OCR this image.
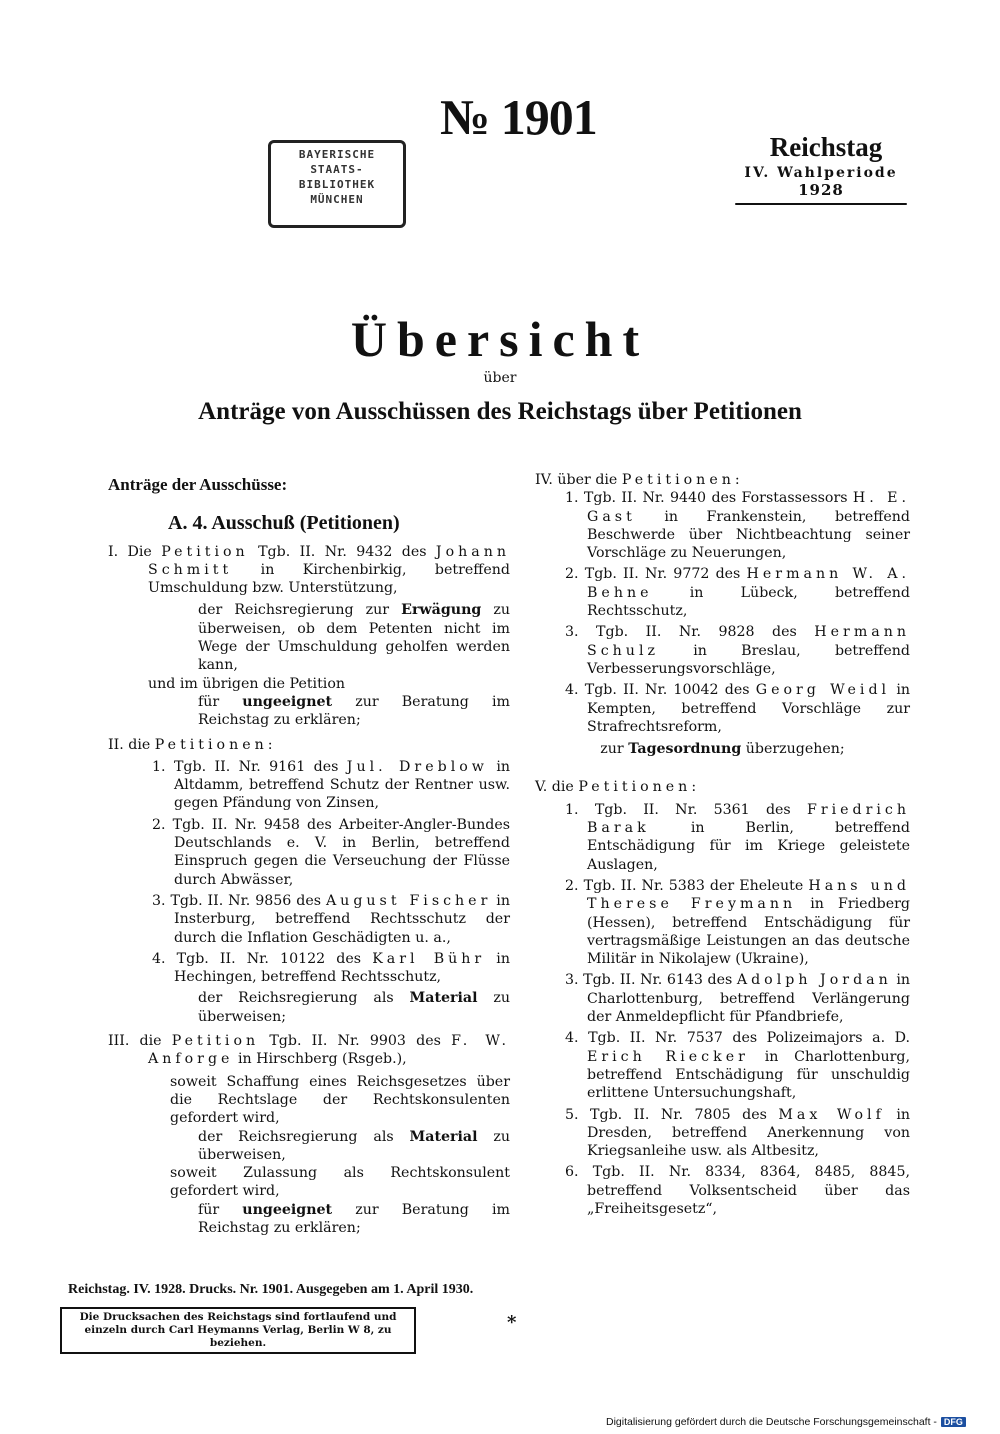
№ 1901
BAYERISCHE
STAATS-
BIBLIOTHEK
MÜNCHEN
Reichstag
IV. Wahlperiode
1928
Übersicht
über
Anträge von Ausschüssen des Reichstags über Petitionen
Anträge der Ausschüsse:
A. 4. Ausschuß (Petitionen)
I. Die Petition Tgb. II. Nr. 9432 des Johann Schmitt in Kirchenbirkig, betreffend Umschuldung bzw. Unterstützung,
der Reichsregierung zur Erwägung zu überweisen, ob dem Petenten nicht im Wege der Umschuldung geholfen werden kann,
und im übrigen die Petition
für ungeeignet zur Beratung im Reichstag zu erklären;
II. die Petitionen:
1. Tgb. II. Nr. 9161 des Jul. Dreblow in Altdamm, betreffend Schutz der Rentner usw. gegen Pfändung von Zinsen,
2. Tgb. II. Nr. 9458 des Arbeiter-Angler-Bundes Deutschlands e. V. in Berlin, betreffend Einspruch gegen die Verseuchung der Flüsse durch Abwässer,
3. Tgb. II. Nr. 9856 des August Fischer in Insterburg, betreffend Rechtsschutz der durch die Inflation Geschädigten u. a.,
4. Tgb. II. Nr. 10122 des Karl Bühr in Hechingen, betreffend Rechtsschutz,
der Reichsregierung als Material zu überweisen;
III. die Petition Tgb. II. Nr. 9903 des F. W. Anforge in Hirschberg (Rsgeb.),
soweit Schaffung eines Reichsgesetzes über die Rechtslage der Rechtskonsulenten gefordert wird,
der Reichsregierung als Material zu überweisen,
soweit Zulassung als Rechtskonsulent gefordert wird,
für ungeeignet zur Beratung im Reichstag zu erklären;
IV. über die Petitionen:
1. Tgb. II. Nr. 9440 des Forstassessors H. E. Gast in Frankenstein, betreffend Beschwerde über Nichtbeachtung seiner Vorschläge zu Neuerungen,
2. Tgb. II. Nr. 9772 des Hermann W. A. Behne	in Lübeck, betreffend Rechtsschutz,
3. Tgb. II. Nr. 9828 des Hermann Schulz in Breslau, betreffend Verbesserungsvorschläge,
4. Tgb. II. Nr. 10042 des Georg Weidl in Kempten, betreffend Vorschläge zur Strafrechtsreform,
zur Tagesordnung überzugehen;
V. die Petitionen:
1. Tgb. II. Nr. 5361 des Friedrich Barak	in Berlin, betreffend Entschädigung für im Kriege geleistete Auslagen,
2. Tgb. II. Nr. 5383 der Eheleute Hans und Therese Freymann in Friedberg (Hessen), betreffend Entschädigung für vertragsmäßige Leistungen an das deutsche Militär in Nikolajew (Ukraine),
3. Tgb. II. Nr. 6143 des Adolph Jordan in Charlottenburg, betreffend Verlängerung der Anmeldepflicht für Pfandbriefe,
4. Tgb. II. Nr. 7537 des Polizeimajors a. D. Erich Riecker in Charlottenburg, betreffend Entschädigung für unschuldig erlittene Untersuchungshaft,
5. Tgb. II. Nr. 7805 des Max Wolf in Dresden, betreffend Anerkennung von Kriegsanleihe usw. als Altbesitz,
6. Tgb. II. Nr. 8334, 8364, 8485, 8845, betreffend Volksentscheid über das „Freiheitsgesetz“,
Reichstag. IV. 1928. Drucks. Nr. 1901. Ausgegeben am 1. April 1930.
Die Drucksachen des Reichstags sind fortlaufend und einzeln durch Carl Heymanns Verlag, Berlin W 8, zu beziehen.
*
Digitalisierung gefördert durch die Deutsche Forschungsgemeinschaft - DFG
